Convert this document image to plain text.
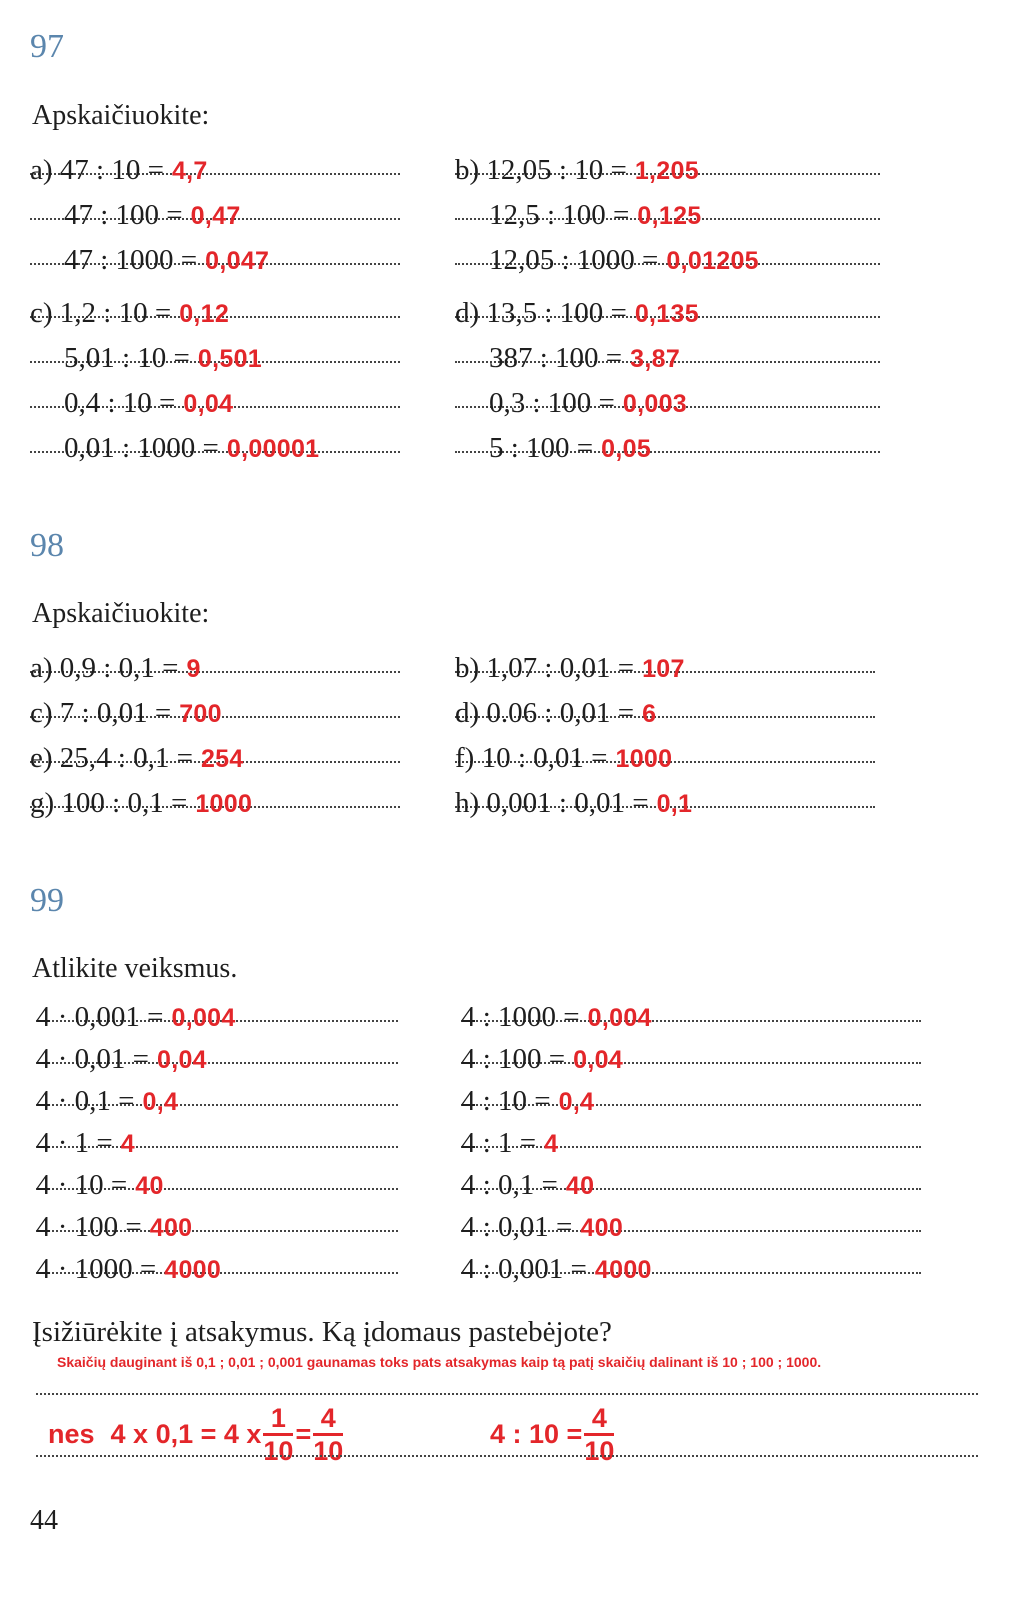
97
Apskaičiuokite:
a) 47 : 10 = 4,7
47 : 100 = 0,47
47 : 1000 = 0,047
c) 1,2 : 10 = 0,12
5,01 : 10 = 0,501
0,4 : 10 = 0,04
0,01 : 1000 = 0,00001
b) 12,05 : 10 = 1,205
12,5 : 100 = 0,125
12,05 : 1000 = 0,01205
d) 13,5 : 100 = 0,135
387 : 100 = 3,87
0,3 : 100 = 0,003
5 : 100 = 0,05
98
Apskaičiuokite:
a) 0,9 : 0,1 = 9
c) 7 : 0,01 = 700
e) 25,4 : 0,1 = 254
g) 100 : 0,1 = 1000
b) 1,07 : 0,01 = 107
d) 0.06 : 0,01 = 6
f) 10 : 0,01 = 1000
h) 0,001 : 0,01 = 0,1
99
Atlikite veiksmus.
4 · 0,001 = 0,004
4 · 0,01 = 0,04
4 · 0,1 = 0,4
4 · 1 = 4
4 · 10 = 40
4 · 100 = 400
4 · 1000 = 4000
4 : 1000 = 0,004
4 : 100 = 0,04
4 : 10 = 0,4
4 : 1 = 4
4 : 0,1 = 40
4 : 0,01 = 400
4 : 0,001 = 4000
Įsižiūrėkite į atsakymus. Ką įdomaus pastebėjote?
Skaičių dauginant iš 0,1 ; 0,01 ; 0,001 gaunamas toks pats atsakymas kaip tą patį skaičių dalinant iš 10 ; 100 ; 1000.
nes 4 x 0,1 = 4 x $\frac{1}{10} = \frac{4}{10}$	4 : $10 = \frac{4}{10}$
44
